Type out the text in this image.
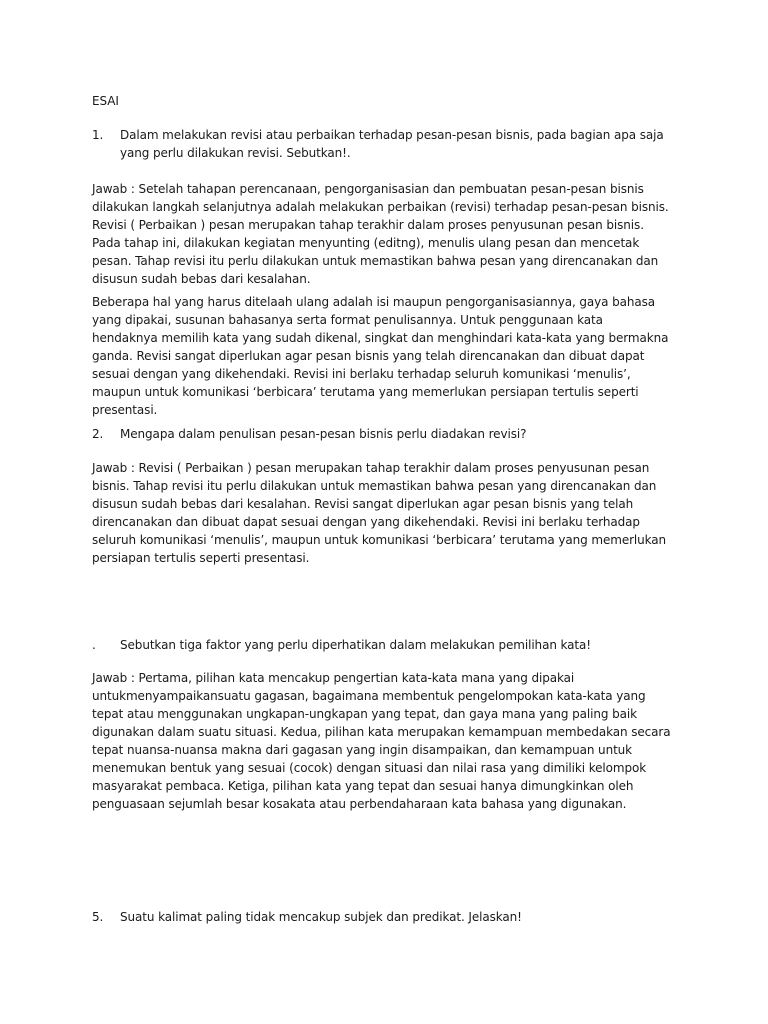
ESAI
1.	Dalam melakukan revisi atau perbaikan terhadap pesan-pesan bisnis, pada bagian apa saja yang perlu dilakukan revisi. Sebutkan!.

Jawab : Setelah tahapan perencanaan, pengorganisasian dan pembuatan pesan-pesan bisnis dilakukan langkah selanjutnya adalah melakukan perbaikan (revisi) terhadap pesan-pesan bisnis. Revisi ( Perbaikan ) pesan merupakan tahap terakhir dalam proses penyusunan pesan bisnis. Pada tahap ini, dilakukan kegiatan menyunting (editng), menulis ulang pesan dan mencetak pesan. Tahap revisi itu perlu dilakukan untuk memastikan bahwa pesan yang direncanakan dan disusun sudah bebas dari kesalahan.

Beberapa hal yang harus ditelaah ulang adalah isi maupun pengorganisasiannya, gaya bahasa yang dipakai, susunan bahasanya serta format penulisannya. Untuk penggunaan kata hendaknya memilih kata yang sudah dikenal, singkat dan menghindari kata-kata yang bermakna ganda. Revisi sangat diperlukan agar pesan bisnis yang telah direncanakan dan dibuat dapat sesuai dengan yang dikehendaki. Revisi ini berlaku terhadap seluruh komunikasi ‘menulis’, maupun untuk komunikasi ‘berbicara’ terutama yang memerlukan persiapan tertulis seperti presentasi.

2.	Mengapa dalam penulisan pesan-pesan bisnis perlu diadakan revisi?

Jawab : Revisi ( Perbaikan ) pesan merupakan tahap terakhir dalam proses penyusunan pesan bisnis. Tahap revisi itu perlu dilakukan untuk memastikan bahwa pesan yang direncanakan dan disusun sudah bebas dari kesalahan. Revisi sangat diperlukan agar pesan bisnis yang telah direncanakan dan dibuat dapat sesuai dengan yang dikehendaki. Revisi ini berlaku terhadap seluruh komunikasi ‘menulis’, maupun untuk komunikasi ‘berbicara’ terutama yang memerlukan persiapan tertulis seperti presentasi.

.	Sebutkan tiga faktor yang perlu diperhatikan dalam melakukan pemilihan kata!

Jawab : Pertama, pilihan kata mencakup pengertian kata-kata mana yang dipakai untukmenyampaikansuatu gagasan, bagaimana membentuk pengelompokan kata-kata yang tepat atau menggunakan ungkapan-ungkapan yang tepat, dan gaya mana yang paling baik digunakan dalam suatu situasi. Kedua, pilihan kata merupakan kemampuan membedakan secara tepat nuansa-nuansa makna dari gagasan yang ingin disampaikan, dan kemampuan untuk menemukan bentuk yang sesuai (cocok) dengan situasi dan nilai rasa yang dimiliki kelompok masyarakat pembaca. Ketiga, pilihan kata yang tepat dan sesuai hanya dimungkinkan oleh penguasaan sejumlah besar kosakata atau perbendaharaan kata bahasa yang digunakan.

5.	Suatu kalimat paling tidak mencakup subjek dan predikat. Jelaskan!
